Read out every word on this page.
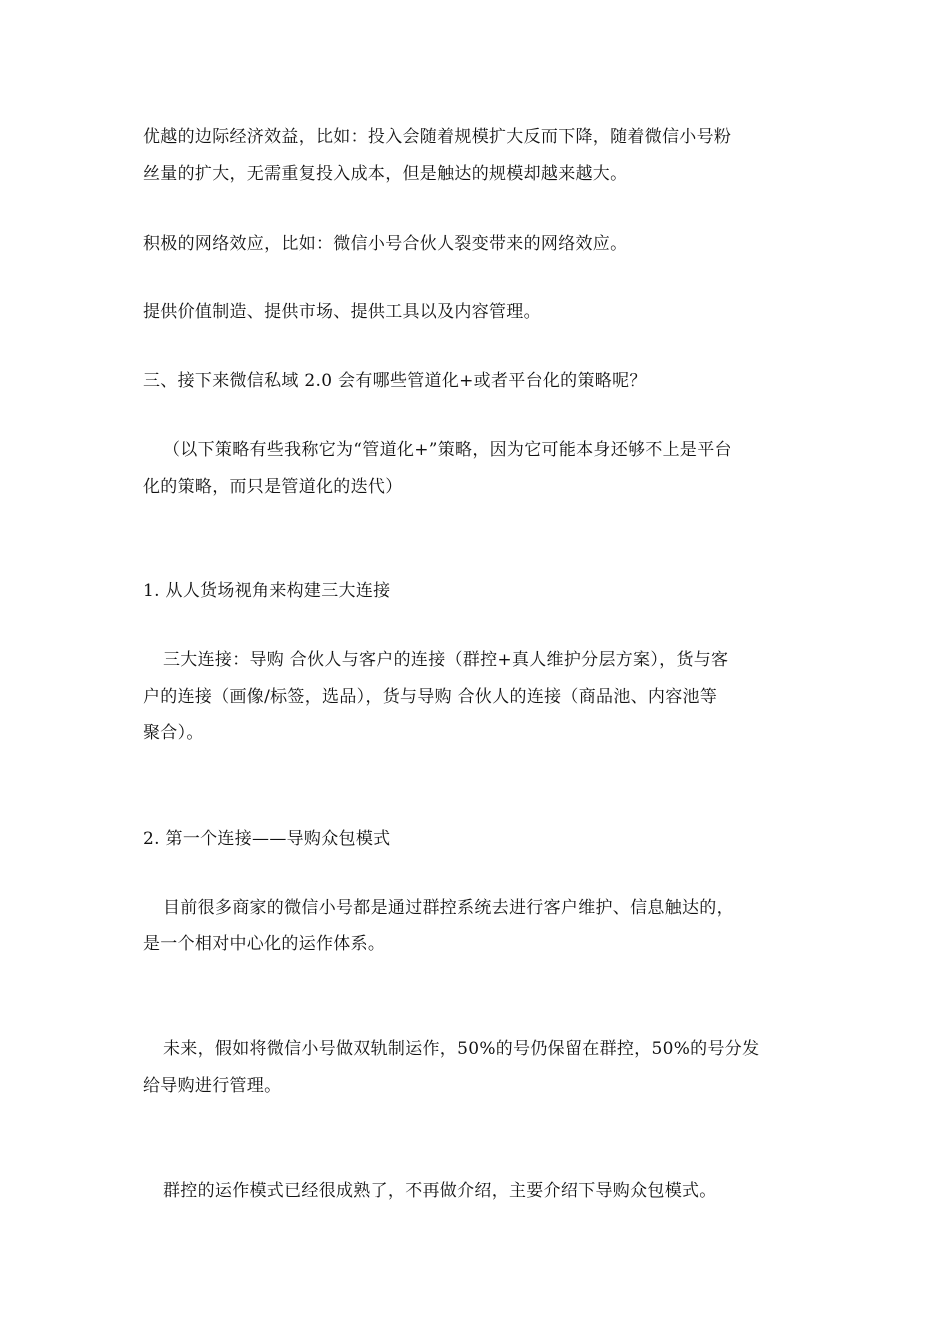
优越的边际经济效益，比如：投入会随着规模扩大反而下降，随着微信小号粉
丝量的扩大，无需重复投入成本，但是触达的规模却越来越大。
积极的网络效应，比如：微信小号合伙人裂变带来的网络效应。
提供价值制造、提供市场、提供工具以及内容管理。
三、接下来微信私域 2.0 会有哪些管道化+或者平台化的策略呢？
（以下策略有些我称它为“管道化+”策略，因为它可能本身还够不上是平台
化的策略，而只是管道化的迭代）
1. 从人货场视角来构建三大连接
三大连接：导购 合伙人与客户的连接（群控+真人维护分层方案），货与客
户的连接（画像/标签，选品），货与导购 合伙人的连接（商品池、内容池等
聚合）。
2. 第一个连接——导购众包模式
目前很多商家的微信小号都是通过群控系统去进行客户维护、信息触达的，
是一个相对中心化的运作体系。
未来，假如将微信小号做双轨制运作，50%的号仍保留在群控，50%的号分发
给导购进行管理。
群控的运作模式已经很成熟了，不再做介绍，主要介绍下导购众包模式。
